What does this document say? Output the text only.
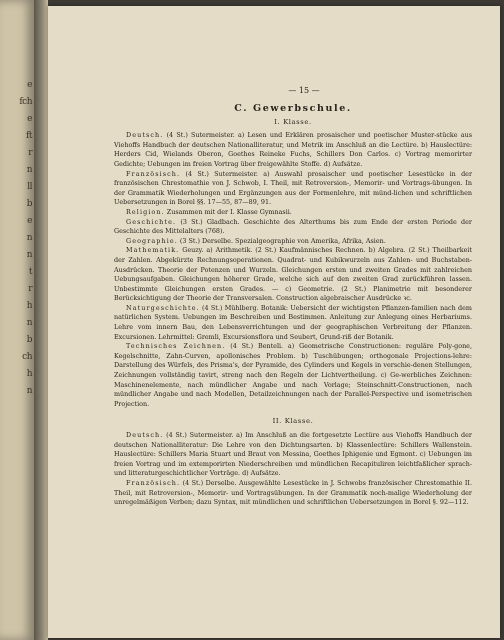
e
fch
e
ft
r
n
ll
b
e
n
n
t
r
h
n
b
ch
h
n
— 15 —
C. Gewerbschule.
I. Klasse.

Deutsch. (4 St.) Sutermeister. a) Lesen und Erklären prosaischer und poetischer Muster-stücke aus Viehoffs Handbuch der deutschen Nationalliteratur, und Metrik im Anschluß an die Lectüre. b) Hauslectüre: Herders Cid, Wielands Oberon, Goethes Reineke Fuchs, Schillers Don Carlos. c) Vortrag memorirter Gedichte; Uebungen im freien Vortrag über freigewählte Stoffe. d) Aufsätze.

Französisch. (4 St.) Sutermeister. a) Auswahl prosaischer und poetischer Lesestücke in der französischen Chrestomathie von J. Schwob, I. Theil, mit Retroversion-, Memorir- und Vortrags-übungen. In der Grammatik Wiederholungen und Ergänzungen aus der Formenlehre, mit münd-lichen und schriftlichen Uebersetzungen in Borel §§. 17—55, 87—89, 91.

Religion. Zusammen mit der I. Klasse Gymnasii.

Geschichte. (3 St.) Gladbach. Geschichte des Alterthums bis zum Ende der ersten Periode der Geschichte des Mittelalters (768).

Geographie. (3 St.) Derselbe. Spezialgeographie von Amerika, Afrika, Asien.

Mathematik. Geuzy. a) Arithmetik. (2 St.) Kaufmännisches Rechnen. b) Algebra. (2 St.) Theilbarkeit der Zahlen. Abgekürzte Rechnungsoperationen. Quadrat- und Kubikwurzeln aus Zahlen- und Buchstaben-Ausdrücken. Theorie der Potenzen und Wurzeln. Gleichungen ersten und zweiten Grades mit zahlreichen Uebungsaufgaben. Gleichungen höherer Grade, welche sich auf den zweiten Grad zurückführen lassen. Unbestimmte Gleichungen ersten Grades. — c) Geometrie. (2 St.) Planimetrie mit besonderer Berücksichtigung der Theorie der Transversalen. Construction algebraischer Ausdrücke ꝛc.

Naturgeschichte. (4 St.) Mühlberg. Botanik: Uebersicht der wichtigsten Pflanzen-familien nach dem natürlichen System. Uebungen im Beschreiben und Bestimmen. Anleitung zur Anlegung eines Herbariums. Lehre vom innern Bau, den Lebensverrichtungen und der geographischen Verbreitung der Pflanzen. Excursionen. Lehrmittel: Gremli, Excursionsflora und Seubert, Grund-riß der Botanik.

Technisches Zeichnen. (4 St.) Benteli. a) Geometrische Constructionen: reguläre Poly-gone, Kegelschnitte, Zahn-Curven, apollonisches Problem. b) Tuschübungen; orthogonale Projections-lehre: Darstellung des Würfels, des Prisma's, der Pyramide, des Cylinders und Kegels in verschie-denen Stellungen, Zeichnungen vollständig tavirt, streng nach den Regeln der Lichtvertheilung. c) Ge-werbliches Zeichnen: Maschinenelemente, nach mündlicher Angabe und nach Vorlage; Steinschnitt-Constructionen, nach mündlicher Angabe und nach Modellen, Detailzeichnungen nach der Parallel-Perspective und isometrischen Projection.

II. Klasse.

Deutsch. (4 St.) Sutermeister. a) Im Anschluß an die fortgesetzte Lectüre aus Viehoffs Handbuch der deutschen Nationalliteratur: Die Lehre von den Dichtungsarten. b) Klassenlectüre: Schillers Wallenstein. Hauslectüre: Schillers Maria Stuart und Braut von Messina, Goethes Iphigenie und Egmont. c) Uebungen im freien Vortrag und im extemporirten Niederschreiben und mündlichen Recapituliren leichtfaßlicher sprach- und litteraturgeschichtlicher Vorträge. d) Aufsätze.

Französisch. (4 St.) Derselbe. Ausgewählte Lesestücke in J. Schwobs französischer Chrestomathie II. Theil, mit Retroversion-, Memorir- und Vortragsübungen. In der Grammatik noch-malige Wiederholung der unregelmäßigen Verben; dazu Syntax, mit mündlichen und schriftlichen Uebersetzungen in Borel §. 92—112.
